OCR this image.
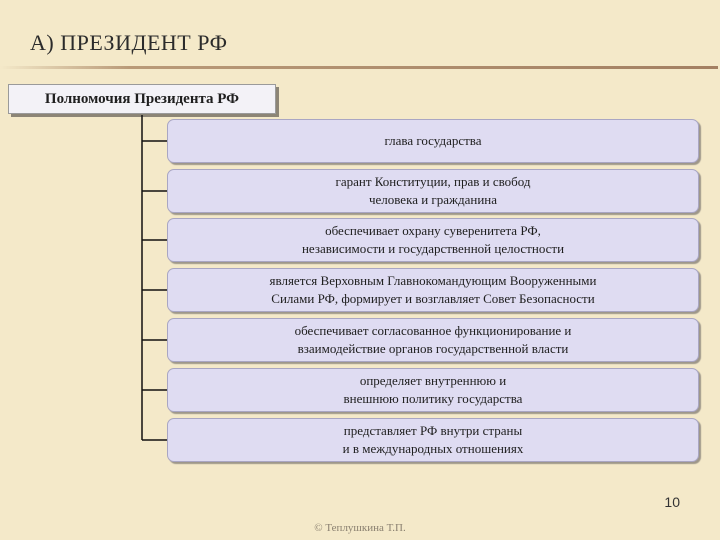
А) ПРЕЗИДЕНТ РФ
Полномочия Президента РФ
глава государства
гарант Конституции, прав и свобод
человека и гражданина
обеспечивает охрану суверенитета РФ,
независимости и государственной целостности
является Верховным Главнокомандующим Вооруженными
Силами РФ, формирует и возглавляет Совет Безопасности
обеспечивает согласованное функционирование и
взаимодействие органов государственной власти
определяет внутреннюю и
внешнюю политику государства
представляет РФ внутри страны
и в международных отношениях
10
© Теплушкина Т.П.
